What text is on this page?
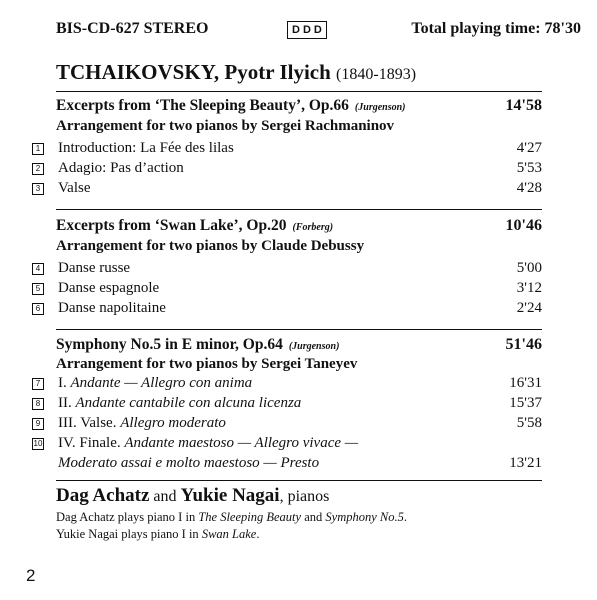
BIS-CD-627 STEREO	DDD	Total playing time: 78'30
TCHAIKOVSKY, Pyotr Ilyich (1840-1893)
Excerpts from ‘The Sleeping Beauty’, Op.66 (Jurgenson)	14'58
Arrangement for two pianos by Sergei Rachmaninov
1 Introduction: La Fée des lilas	4'27
2 Adagio: Pas d’action	5'53
3 Valse	4'28
Excerpts from ‘Swan Lake’, Op.20 (Forberg)	10'46
Arrangement for two pianos by Claude Debussy
4 Danse russe	5'00
5 Danse espagnole	3'12
6 Danse napolitaine	2'24
Symphony No.5 in E minor, Op.64 (Jurgenson)	51'46
Arrangement for two pianos by Sergei Taneyev
7 I. Andante — Allegro con anima	16'31
8 II. Andante cantabile con alcuna licenza	15'37
9 III. Valse. Allegro moderato	5'58
10 IV. Finale. Andante maestoso — Allegro vivace —
Moderato assai e molto maestoso — Presto	13'21
Dag Achatz and Yukie Nagai, pianos
Dag Achatz plays piano I in The Sleeping Beauty and Symphony No.5.
Yukie Nagai plays piano I in Swan Lake.
2
